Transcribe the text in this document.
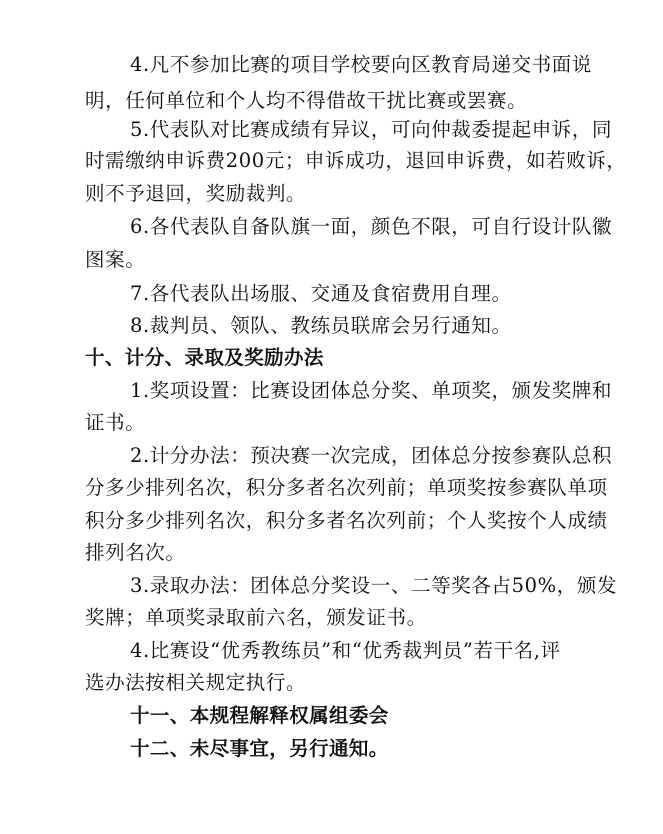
4.凡不参加比赛的项目学校要向区教育局递交书面说
明，任何单位和个人均不得借故干扰比赛或罢赛。
5.代表队对比赛成绩有异议，可向仲裁委提起申诉，同
时需缴纳申诉费200元；申诉成功，退回申诉费，如若败诉，
则不予退回，奖励裁判。
6.各代表队自备队旗一面，颜色不限，可自行设计队徽
图案。
7.各代表队出场服、交通及食宿费用自理。
8.裁判员、领队、教练员联席会另行通知。
十、计分、录取及奖励办法
1.奖项设置：比赛设团体总分奖、单项奖，颁发奖牌和
证书。
2.计分办法：预决赛一次完成，团体总分按参赛队总积
分多少排列名次，积分多者名次列前；单项奖按参赛队单项
积分多少排列名次，积分多者名次列前；个人奖按个人成绩
排列名次。
3.录取办法：团体总分奖设一、二等奖各占50%，颁发
奖牌；单项奖录取前六名，颁发证书。
4.比赛设“优秀教练员”和“优秀裁判员”若干名,评
选办法按相关规定执行。
十一、本规程解释权属组委会
十二、未尽事宜，另行通知。
